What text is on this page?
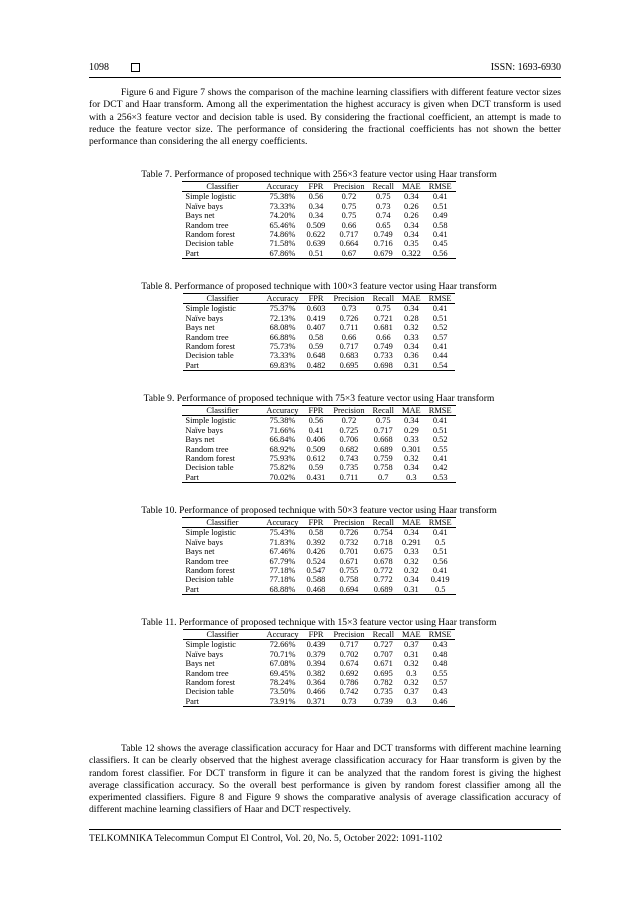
1098	ISSN: 1693-6930

Figure 6 and Figure 7 shows the comparison of the machine learning classifiers with different feature vector sizes for DCT and Haar transform. Among all the experimentation the highest accuracy is given when DCT transform is used with a 256×3 feature vector and decision table is used. By considering the fractional coefficient, an attempt is made to reduce the feature vector size. The performance of considering the fractional coefficients has not shown the better performance than considering the all energy coefficients.

Table 7. Performance of proposed technique with 256×3 feature vector using Haar transform
Classifier	Accuracy	FPR	Precision	Recall	MAE	RMSE
Simple logistic	75.38%	0.56	0.72	0.75	0.34	0.41
Naïve bays	73.33%	0.34	0.75	0.73	0.26	0.51
Bays net	74.20%	0.34	0.75	0.74	0.26	0.49
Random tree	65.46%	0.509	0.66	0.65	0.34	0.58
Random forest	74.86%	0.622	0.717	0.749	0.34	0.41
Decision table	71.58%	0.639	0.664	0.716	0.35	0.45
Part	67.86%	0.51	0.67	0.679	0.322	0.56
Table 8. Performance of proposed technique with 100×3 feature vector using Haar transform
Classifier	Accuracy	FPR	Precision	Recall	MAE	RMSE
Simple logistic	75.37%	0.603	0.73	0.75	0.34	0.41
Naïve bays	72.13%	0.419	0.726	0.721	0.28	0.51
Bays net	68.08%	0.407	0.711	0.681	0.32	0.52
Random tree	66.88%	0.58	0.66	0.66	0.33	0.57
Random forest	75.73%	0.59	0.717	0.749	0.34	0.41
Decision table	73.33%	0.648	0.683	0.733	0.36	0.44
Part	69.83%	0.482	0.695	0.698	0.31	0.54
Table 9. Performance of proposed technique with 75×3 feature vector using Haar transform
Classifier	Accuracy	FPR	Precision	Recall	MAE	RMSE
Simple logistic	75.38%	0.56	0.72	0.75	0.34	0.41
Naïve bays	71.66%	0.41	0.725	0.717	0.29	0.51
Bays net	66.84%	0.406	0.706	0.668	0.33	0.52
Random tree	68.92%	0.509	0.682	0.689	0.301	0.55
Random forest	75.93%	0.612	0.743	0.759	0.32	0.41
Decision table	75.82%	0.59	0.735	0.758	0.34	0.42
Part	70.02%	0.431	0.711	0.7	0.3	0.53
Table 10. Performance of proposed technique with 50×3 feature vector using Haar transform
Classifier	Accuracy	FPR	Precision	Recall	MAE	RMSE
Simple logistic	75.43%	0.58	0.726	0.754	0.34	0.41
Naïve bays	71.83%	0.392	0.732	0.718	0.291	0.5
Bays net	67.46%	0.426	0.701	0.675	0.33	0.51
Random tree	67.79%	0.524	0.671	0.678	0.32	0.56
Random forest	77.18%	0.547	0.755	0.772	0.32	0.41
Decision table	77.18%	0.588	0.758	0.772	0.34	0.419
Part	68.88%	0.468	0.694	0.689	0.31	0.5
Table 11. Performance of proposed technique with 15×3 feature vector using Haar transform
Classifier	Accuracy	FPR	Precision	Recall	MAE	RMSE
Simple logistic	72.66%	0.439	0.717	0.727	0.37	0.43
Naïve bays	70.71%	0.379	0.702	0.707	0.31	0.48
Bays net	67.08%	0.394	0.674	0.671	0.32	0.48
Random tree	69.45%	0.382	0.692	0.695	0.3	0.55
Random forest	78.24%	0.364	0.786	0.782	0.32	0.57
Decision table	73.50%	0.466	0.742	0.735	0.37	0.43
Part	73.91%	0.371	0.73	0.739	0.3	0.46

Table 12 shows the average classification accuracy for Haar and DCT transforms with different machine learning classifiers. It can be clearly observed that the highest average classification accuracy for Haar transform is given by the random forest classifier. For DCT transform in figure it can be analyzed that the random forest is giving the highest average classification accuracy. So the overall best performance is given by random forest classifier among all the experimented classifiers. Figure 8 and Figure 9 shows the comparative analysis of average classification accuracy of different machine learning classifiers of Haar and DCT respectively.

TELKOMNIKA Telecommun Comput El Control, Vol. 20, No. 5, October 2022: 1091-1102
